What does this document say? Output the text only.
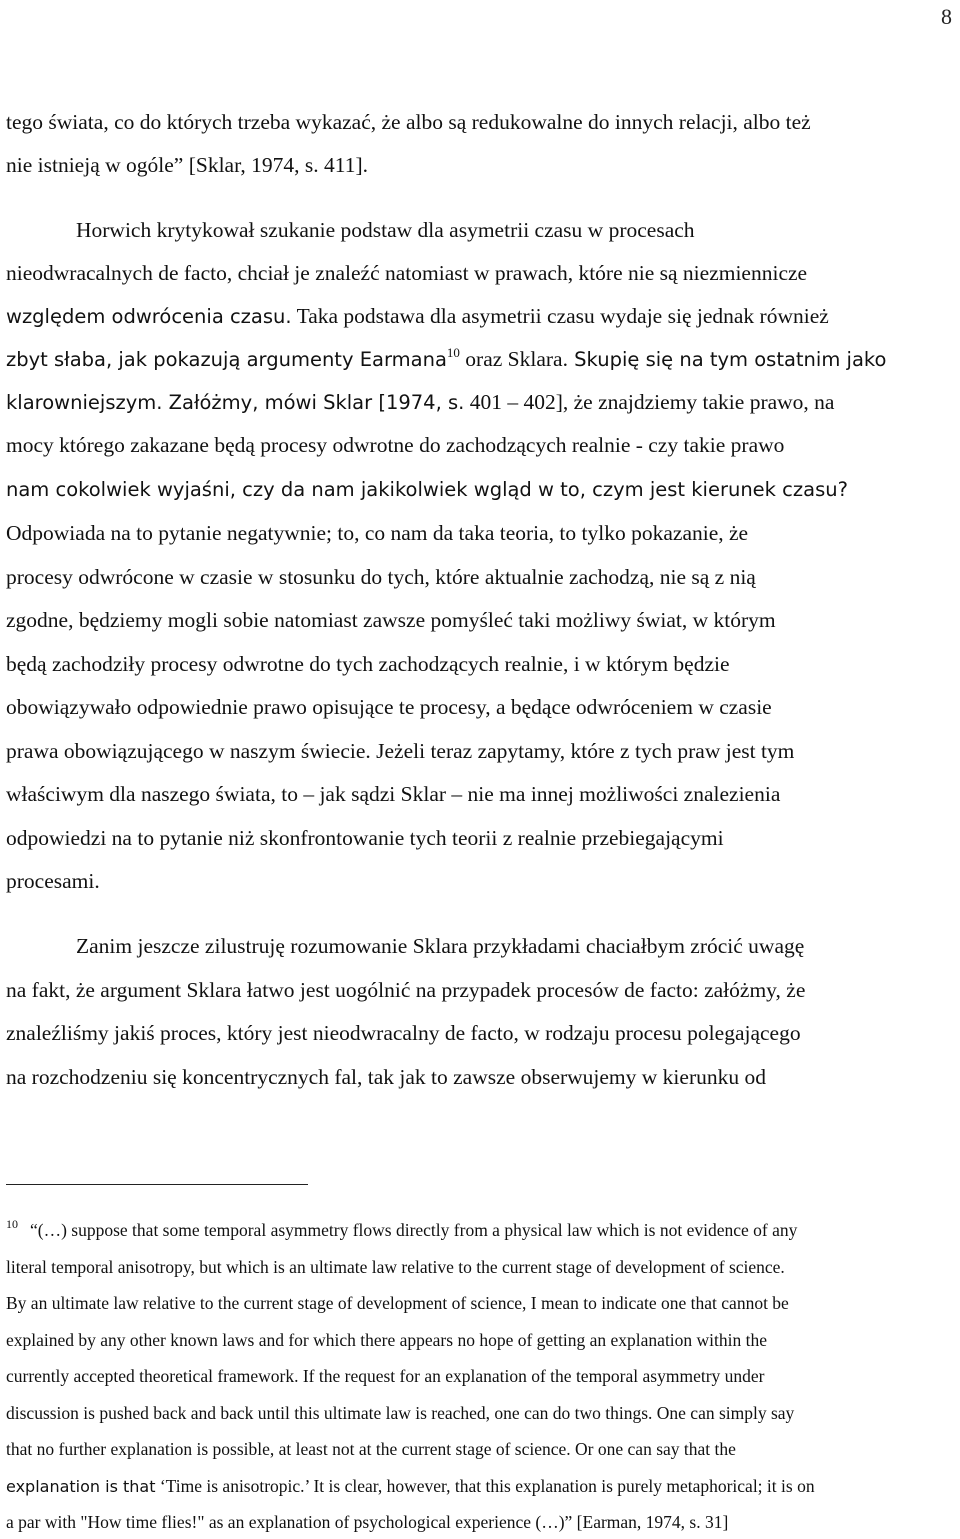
8
tego świata, co do których trzeba wykazać, że albo są redukowalne do innych relacji, albo też
nie istnieją w ogóle” [Sklar, 1974, s. 411].
Horwich krytykował szukanie podstaw dla asymetrii czasu w procesach
nieodwracalnych de facto, chciał je znaleźć natomiast w prawach, które nie są niezmiennicze
względem odwrócenia czasu. Taka podstawa dla asymetrii czasu wydaje się jednak również
zbyt słaba, jak pokazują argumenty Earmana$^{10}$ oraz Sklara. Skupię się na tym ostatnim jako
klarowniejszym. Załóżmy, mówi Sklar [1974, s. 401 – 402], że znajdziemy takie prawo, na
mocy którego zakazane będą procesy odwrotne do zachodzących realnie - czy takie prawo
nam cokolwiek wyjaśni, czy da nam jakikolwiek wgląd w to, czym jest kierunek czasu?
Odpowiada na to pytanie negatywnie; to, co nam da taka teoria, to tylko pokazanie, że
procesy odwrócone w czasie w stosunku do tych, które aktualnie zachodzą, nie są z nią
zgodne, będziemy mogli sobie natomiast zawsze pomyśleć taki możliwy świat, w którym
będą zachodziły procesy odwrotne do tych zachodzących realnie, i w którym będzie
obowiązywało odpowiednie prawo opisujące te procesy, a będące odwróceniem w czasie
prawa obowiązującego w naszym świecie. Jeżeli teraz zapytamy, które z tych praw jest tym
właściwym dla naszego świata, to – jak sądzi Sklar – nie ma innej możliwości znalezienia
odpowiedzi na to pytanie niż skonfrontowanie tych teorii z realnie przebiegającymi
procesami.
Zanim jeszcze zilustruję rozumowanie Sklara przykładami chaciałbym zrócić uwagę
na fakt, że argument Sklara łatwo jest uogólnić na przypadek procesów de facto: załóżmy, że
znaleźliśmy jakiś proces, który jest nieodwracalny de facto, w rodzaju procesu polegającego
na rozchodzeniu się koncentrycznych fal, tak jak to zawsze obserwujemy w kierunku od
$^{10}$ “(…) suppose that some temporal asymmetry flows directly from a physical law which is not evidence of any
literal temporal anisotropy, but which is an ultimate law relative to the current stage of development of science.
By an ultimate law relative to the current stage of development of science, I mean to indicate one that cannot be
explained by any other known laws and for which there appears no hope of getting an explanation within the
currently accepted theoretical framework. If the request for an explanation of the temporal asymmetry under
discussion is pushed back and back until this ultimate law is reached, one can do two things. One can simply say
that no further explanation is possible, at least not at the current stage of science. Or one can say that the
explanation is that ‘Time is anisotropic.’ It is clear, however, that this explanation is purely metaphorical; it is on
a par with "How time flies!" as an explanation of psychological experience (…)” [Earman, 1974, s. 31]
